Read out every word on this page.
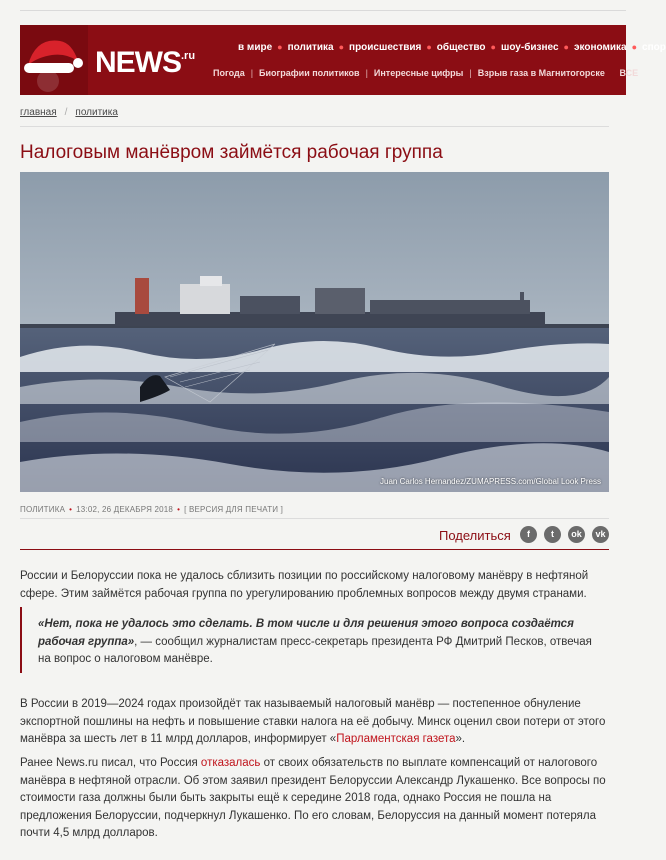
$NEWS^{.ru}$
в мире ● политика ● происшествия ● общество ● шоу-бизнес ● экономика ● спор
Погода | Биографии политиков | Интересные цифры | Взрыв газа в Магнитогорске ВСЕ
главная / политика
Налоговым манёвром займётся рабочая группа
Juan Carlos Hernandez/ZUMAPRESS.com/Global Look Press
ПОЛИТИКА • 13:02, 26 ДЕКАБРЯ 2018 • [ ВЕРСИЯ ДЛЯ ПЕЧАТИ ]
Поделиться	f	t	ok	vk

России и Белоруссии пока не удалось сблизить позиции по российскому налоговому манёвру в нефтяной сфере. Этим займётся рабочая группа по урегулированию проблемных вопросов между двумя странами.

«Нет, пока не удалось это сделать. В том числе и для решения этого вопроса создаётся рабочая группа», — сообщил журналистам пресс-секретарь президента РФ Дмитрий Песков, отвечая на вопрос о налоговом манёвре.

В России в 2019—2024 годах произойдёт так называемый налоговый манёвр — постепенное обнуление экспортной пошлины на нефть и повышение ставки налога на её добычу. Минск оценил свои потери от этого манёвра за шесть лет в 11 млрд долларов, информирует «Парламентская газета».

Ранее News.ru писал, что Россия отказалась от своих обязательств по выплате компенсаций от налогового манёвра в нефтяной отрасли. Об этом заявил президент Белоруссии Александр Лукашенко. Все вопросы по стоимости газа должны были быть закрыты ещё к середине 2018 года, однако Россия не пошла на предложения Белоруссии, подчеркнул Лукашенко. По его словам, Белоруссия на данный момент потеряла почти 4,5 млрд долларов.
